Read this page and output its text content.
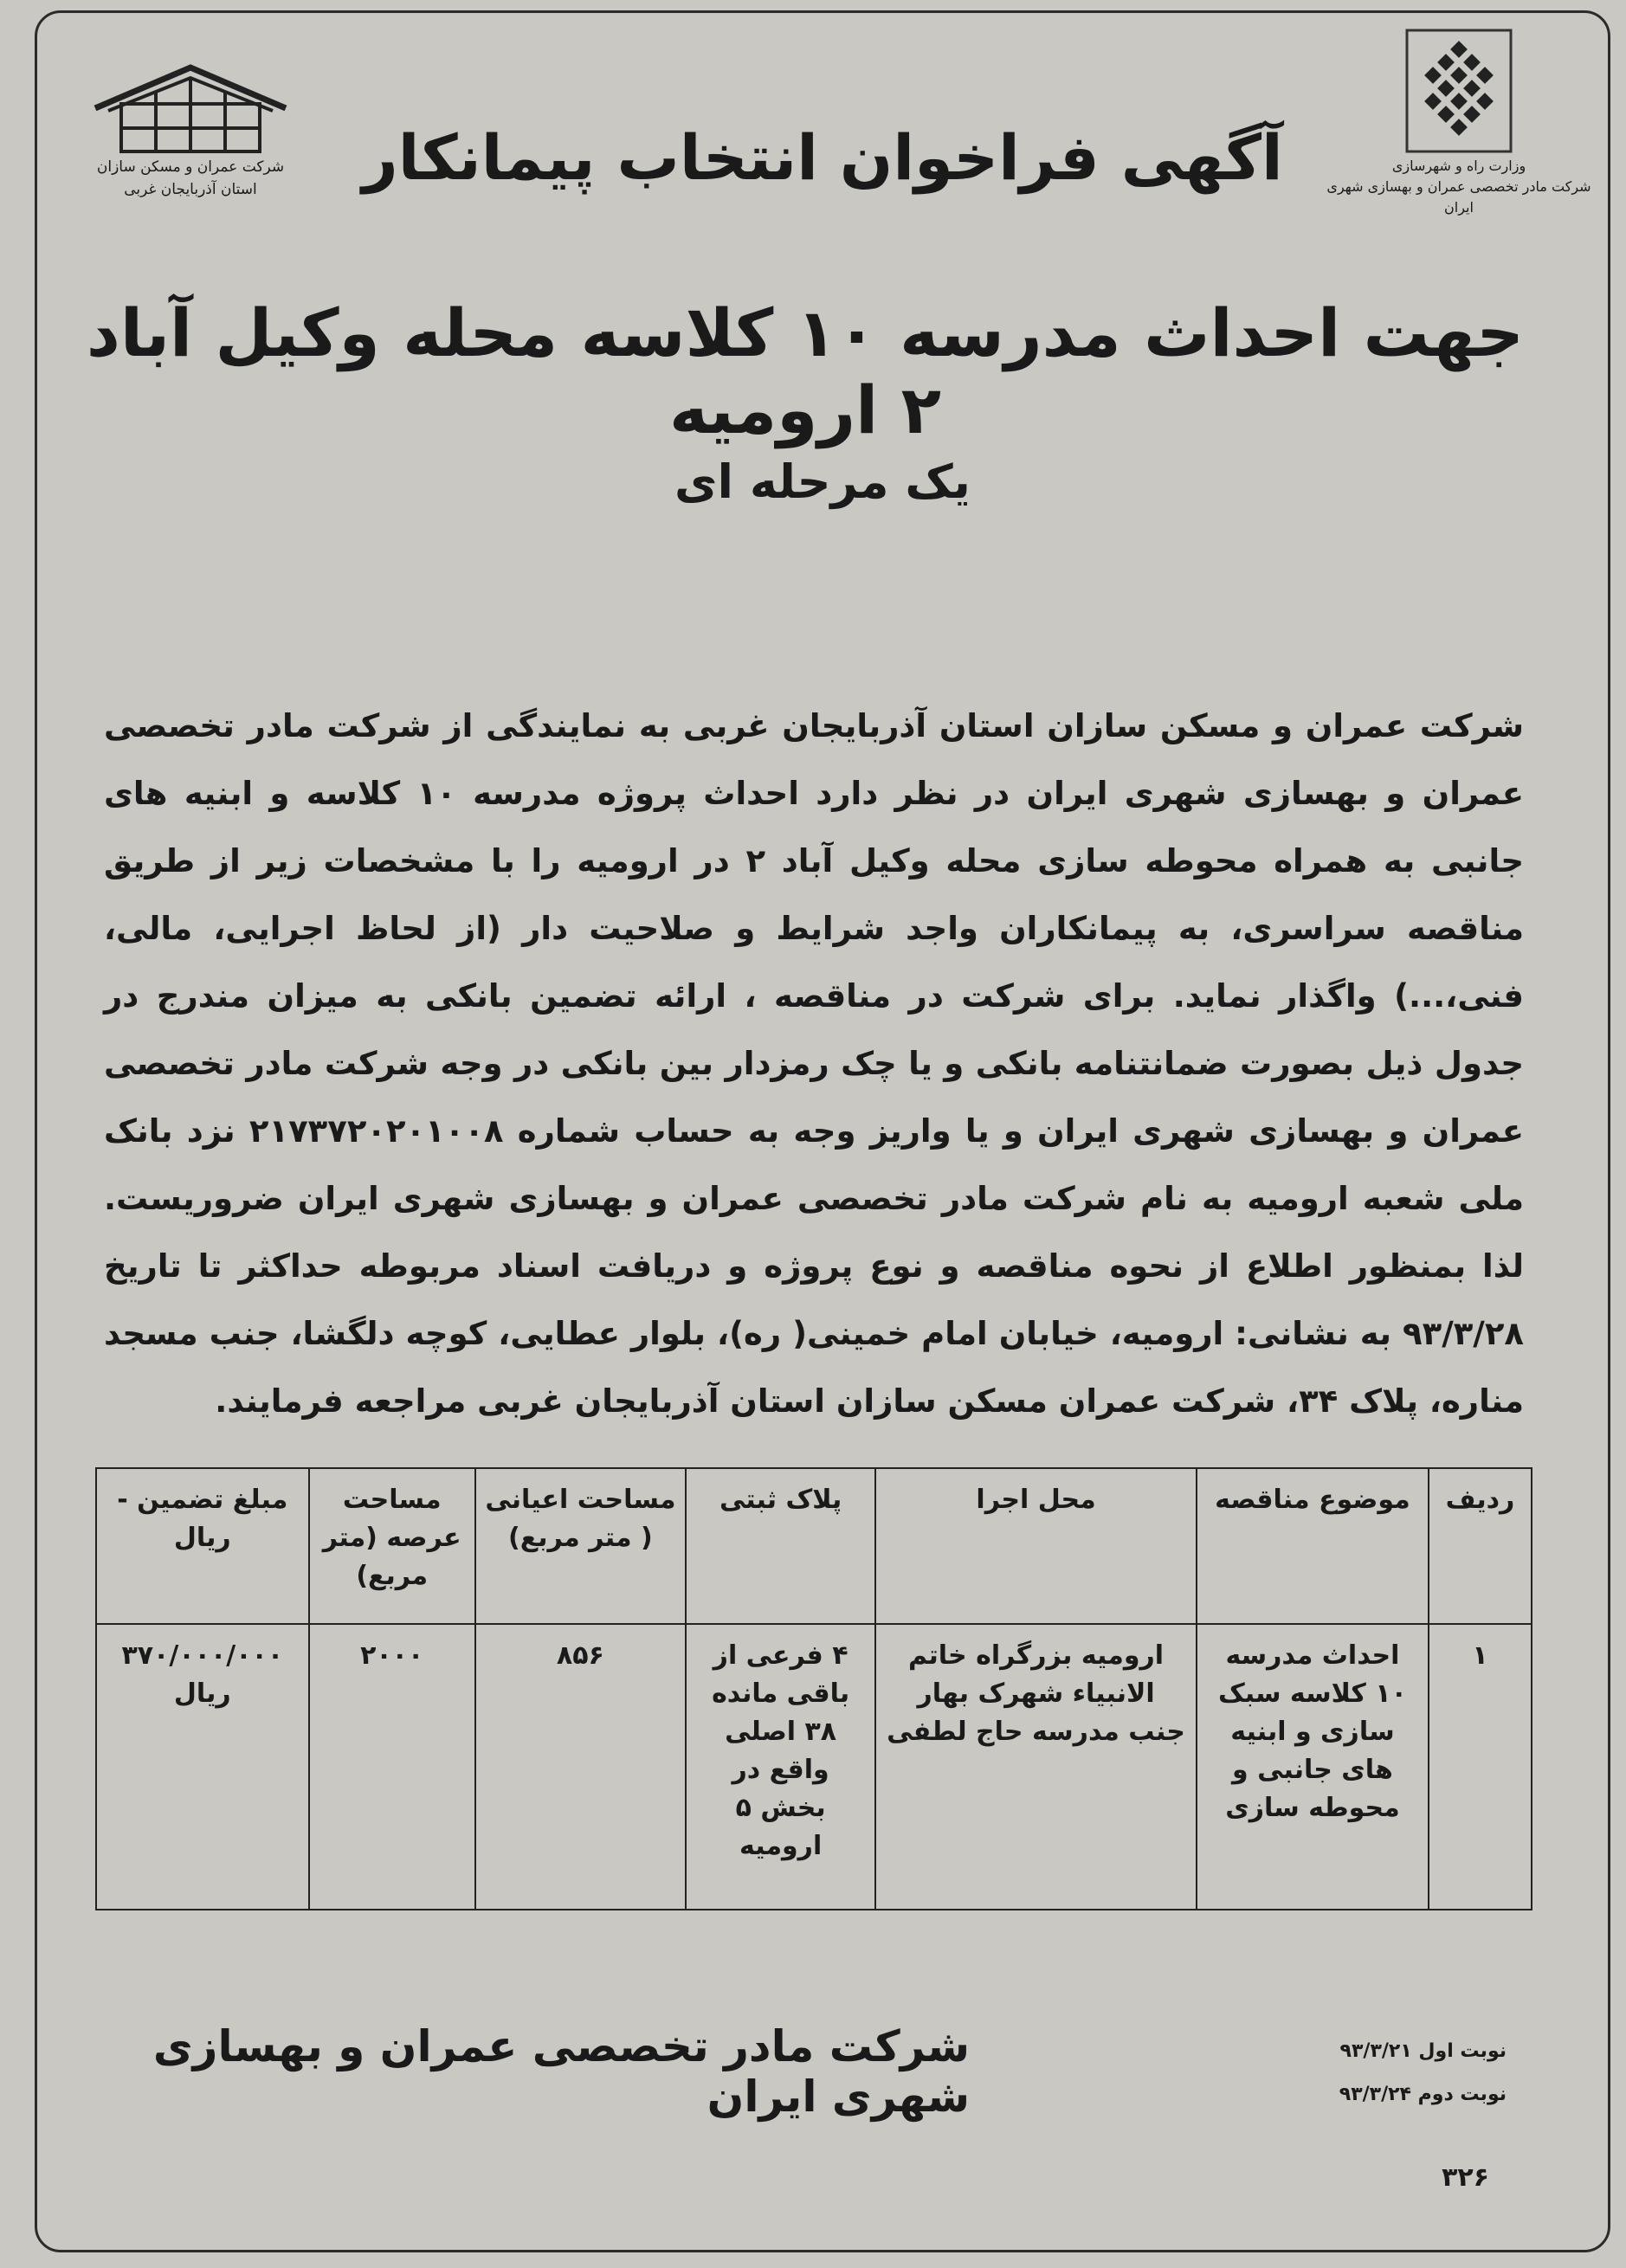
شرکت عمران و مسکن سازان
استان آذربایجان غربی
وزارت راه و شهرسازی
شرکت مادر تخصصی عمران و بهسازی شهری ایران
آگهی فراخوان انتخاب پیمانکار
جهت احداث مدرسه ۱۰ کلاسه محله وکیل آباد ۲ ارومیه
یک مرحله ای
شرکت عمران و مسکن سازان استان آذربایجان غربی به نمایندگی از شرکت مادر تخصصی عمران و بهسازی شهری ایران در نظر دارد احداث پروژه مدرسه ۱۰ کلاسه و ابنیه های جانبی به همراه محوطه سازی محله وکیل آباد ۲ در ارومیه را با مشخصات زیر از طریق مناقصه سراسری، به پیمانکاران واجد شرایط و صلاحیت دار (از لحاظ اجرایی، مالی، فنی،...) واگذار نماید. برای شرکت در مناقصه ، ارائه تضمین بانکی به میزان مندرج در جدول ذیل بصورت ضمانتنامه بانکی و یا چک رمزدار بین بانکی در وجه شرکت مادر تخصصی عمران و بهسازی شهری ایران و یا واریز وجه به حساب شماره ۲۱۷۳۷۲۰۲۰۱۰۰۸ نزد بانک ملی شعبه ارومیه به نام شرکت مادر تخصصی عمران و بهسازی شهری ایران ضروریست. لذا بمنظور اطلاع از نحوه مناقصه و نوع پروژه و دریافت اسناد مربوطه حداکثر تا تاریخ ۹۳/۳/۲۸ به نشانی: ارومیه، خیابان امام خمینی( ره)، بلوار عطایی، کوچه دلگشا، جنب مسجد مناره، پلاک ۳۴، شرکت عمران مسکن سازان استان آذربایجان غربی مراجعه فرمایند.
ردیف	موضوع مناقصه	محل اجرا	پلاک ثبتی	مساحت اعیانی ( متر مربع)	مساحت عرصه (متر مربع)	مبلغ تضمین - ریال
۱	احداث مدرسه ۱۰ کلاسه سبک سازی و ابنیه های جانبی و محوطه سازی	ارومیه بزرگراه خاتم الانبیاء شهرک بهار جنب مدرسه حاج لطفی	۴ فرعی از باقی مانده ۳۸ اصلی واقع در بخش ۵ ارومیه	۸۵۶	۲۰۰۰	۳۷۰/۰۰۰/۰۰۰ ریال
شرکت مادر تخصصی عمران و بهسازی شهری ایران
نوبت اول ۹۳/۳/۲۱
نوبت دوم ۹۳/۳/۲۴
۳۲۶
